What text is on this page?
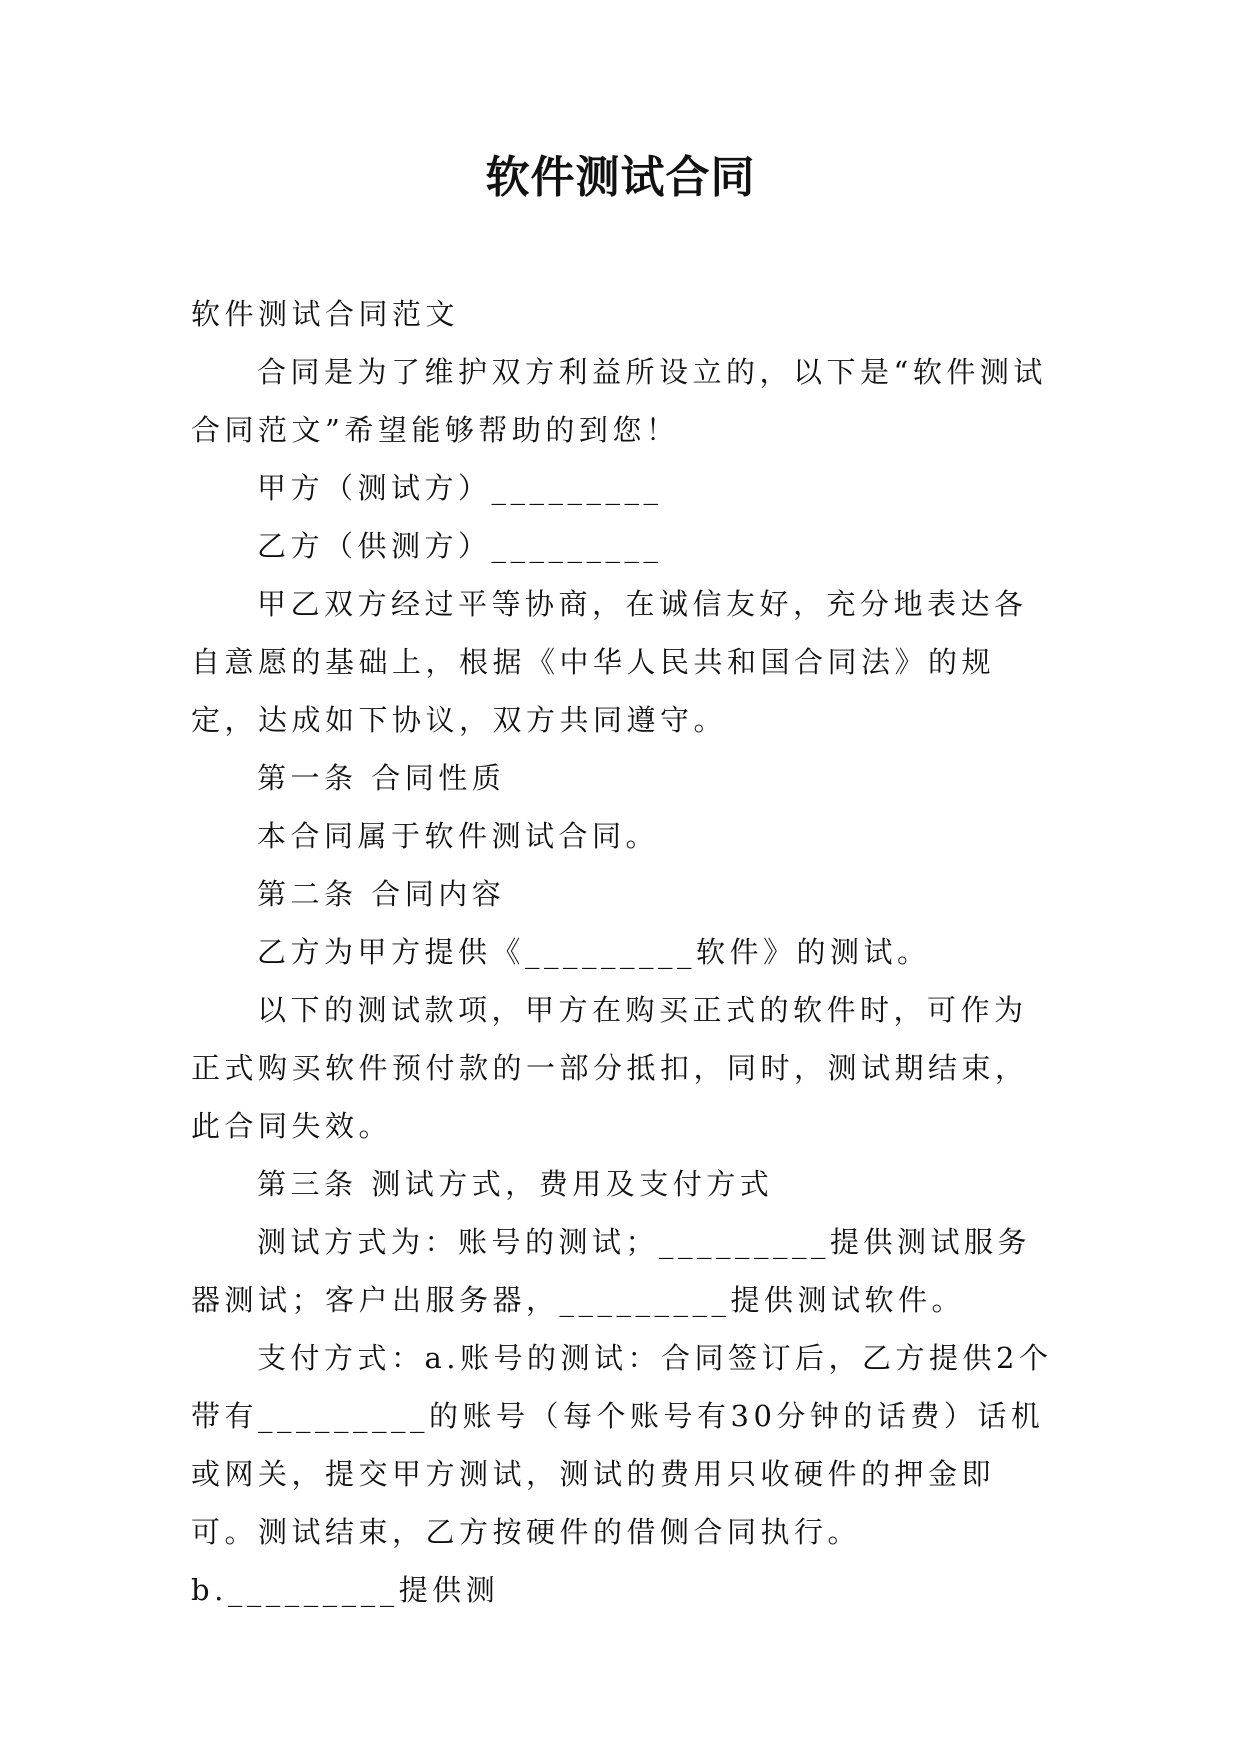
软件测试合同

软件测试合同范文

合同是为了维护双方利益所设立的，以下是“软件测试合同范文”希望能够帮助的到您！

甲方（测试方）_________

乙方（供测方）_________

甲乙双方经过平等协商，在诚信友好，充分地表达各自意愿的基础上，根据《中华人民共和国合同法》的规定，达成如下协议，双方共同遵守。

第一条 合同性质

本合同属于软件测试合同。

第二条 合同内容

乙方为甲方提供《_________软件》的测试。

以下的测试款项，甲方在购买正式的软件时，可作为正式购买软件预付款的一部分抵扣，同时，测试期结束，此合同失效。

第三条 测试方式，费用及支付方式

测试方式为：账号的测试；_________提供测试服务器测试；客户出服务器，_________提供测试软件。

支付方式：a.账号的测试：合同签订后，乙方提供2个带有_________的账号（每个账号有30分钟的话费）话机或网关，提交甲方测试，测试的费用只收硬件的押金即可。测试结束，乙方按硬件的借侧合同执行。b._________提供测
